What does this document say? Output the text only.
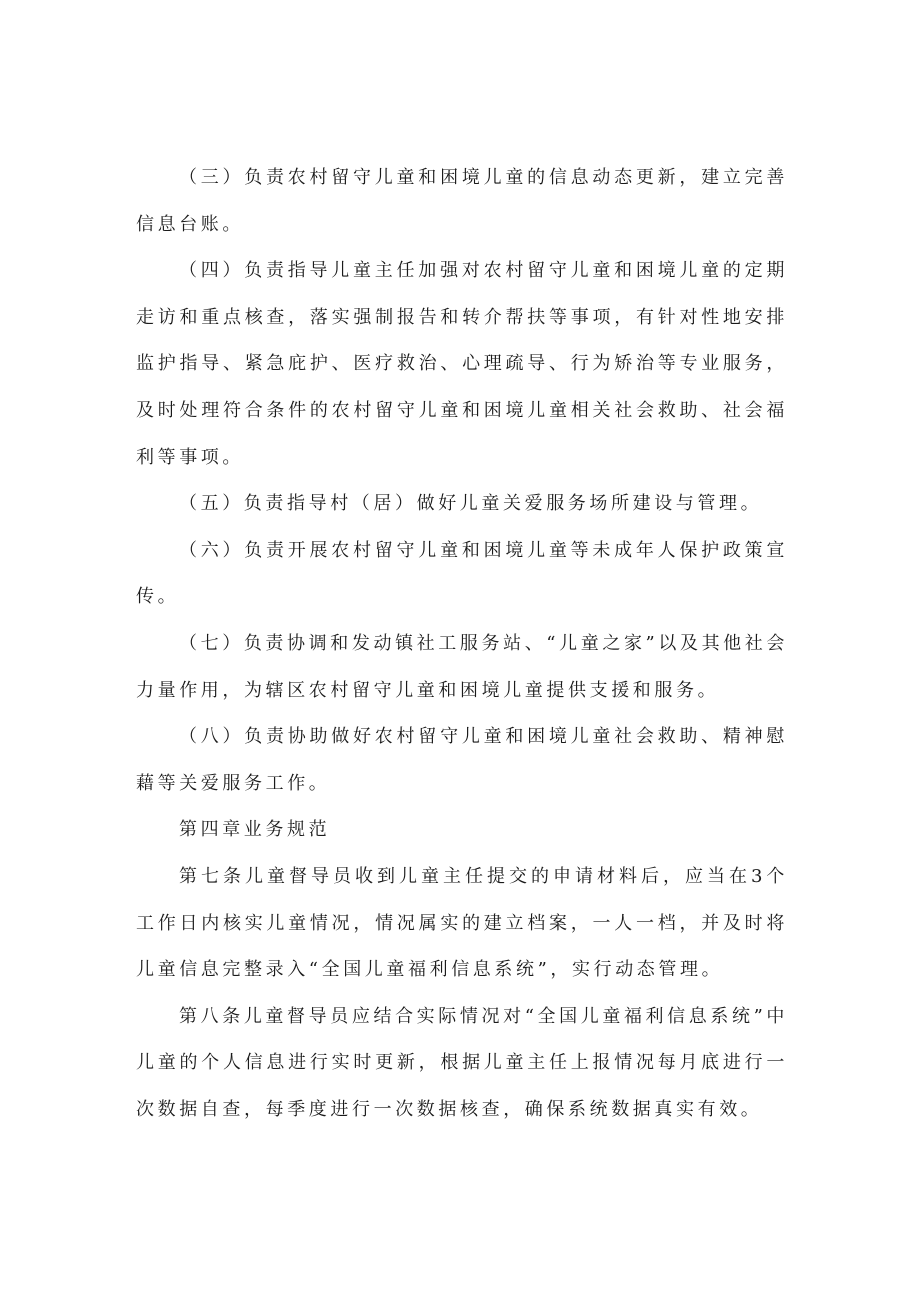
（三）负责农村留守儿童和困境儿童的信息动态更新，建立完善信息台账。

（四）负责指导儿童主任加强对农村留守儿童和困境儿童的定期走访和重点核查，落实强制报告和转介帮扶等事项，有针对性地安排监护指导、紧急庇护、医疗救治、心理疏导、行为矫治等专业服务，及时处理符合条件的农村留守儿童和困境儿童相关社会救助、社会福利等事项。

（五）负责指导村（居）做好儿童关爱服务场所建设与管理。

（六）负责开展农村留守儿童和困境儿童等未成年人保护政策宣传。

（七）负责协调和发动镇社工服务站、“儿童之家”以及其他社会力量作用，为辖区农村留守儿童和困境儿童提供支援和服务。

（八）负责协助做好农村留守儿童和困境儿童社会救助、精神慰藉等关爱服务工作。

第四章业务规范

第七条儿童督导员收到儿童主任提交的申请材料后，应当在3个工作日内核实儿童情况，情况属实的建立档案，一人一档，并及时将儿童信息完整录入“全国儿童福利信息系统”，实行动态管理。

第八条儿童督导员应结合实际情况对“全国儿童福利信息系统”中儿童的个人信息进行实时更新，根据儿童主任上报情况每月底进行一次数据自查，每季度进行一次数据核查，确保系统数据真实有效。
